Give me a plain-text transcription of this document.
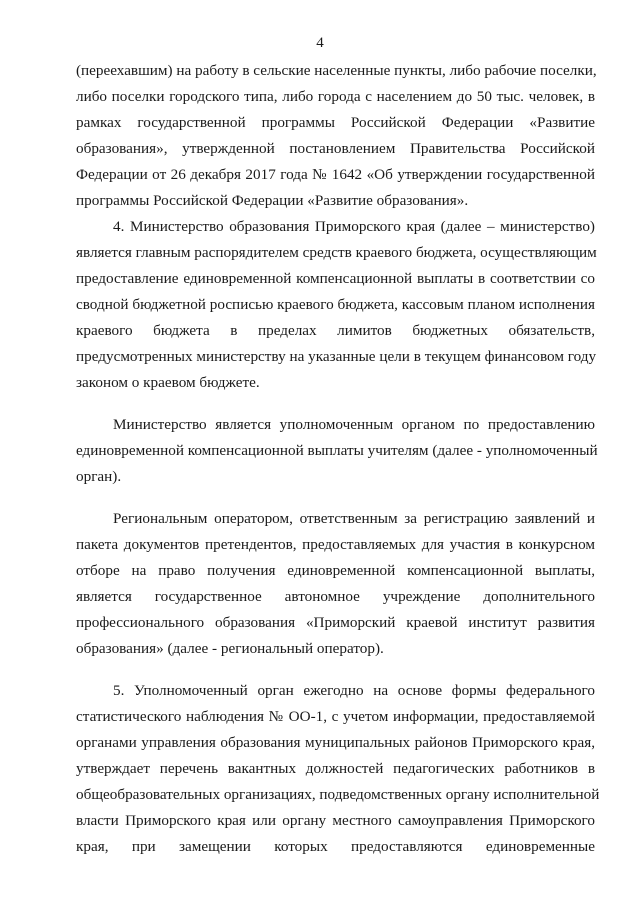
4
(переехавшим) на работу в сельские населенные пункты, либо рабочие поселки,
либо поселки городского типа, либо города с населением до 50 тыс. человек, в
рамках государственной программы Российской Федерации «Развитие
образования», утвержденной постановлением Правительства Российской
Федерации от 26 декабря 2017 года № 1642 «Об утверждении государственной
программы Российской Федерации «Развитие образования».
4. Министерство образования Приморского края (далее – министерство)
является главным распорядителем средств краевого бюджета, осуществляющим
предоставление единовременной компенсационной выплаты в соответствии со
сводной бюджетной росписью краевого бюджета, кассовым планом исполнения
краевого бюджета в пределах лимитов бюджетных обязательств,
предусмотренных министерству на указанные цели в текущем финансовом году
законом о краевом бюджете.
Министерство является уполномоченным органом по предоставлению
единовременной компенсационной выплаты учителям (далее - уполномоченный
орган).
Региональным оператором, ответственным за регистрацию заявлений и
пакета документов претендентов, предоставляемых для участия в конкурсном
отборе на право получения единовременной компенсационной выплаты,
является государственное автономное учреждение дополнительного
профессионального образования «Приморский краевой институт развития
образования» (далее - региональный оператор).
5. Уполномоченный орган ежегодно на основе формы федерального
статистического наблюдения № ОО-1, с учетом информации, предоставляемой
органами управления образования муниципальных районов Приморского края,
утверждает перечень вакантных должностей педагогических работников в
общеобразовательных организациях, подведомственных органу исполнительной
власти Приморского края или органу местного самоуправления Приморского
края, при замещении которых предоставляются единовременные
